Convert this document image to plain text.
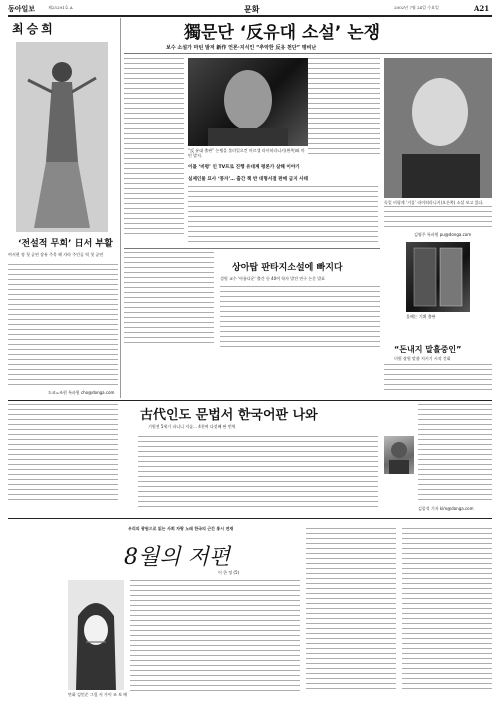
동아일보	제25291호 A	문화	2002년 7월 24일 수요일	A21
최승희
‘전설적 무희’ 日서 부활
여서현 정 첫 공연 장유 주목 해 자라 주인공 역 첫 공연
도쿄=조현 특파원 cho@donga.com
獨문단 ‘反유대 소설’ 논쟁
보수 소설가 마틴 발저 新作 언론·지식인 “추악한 反유 천단” 맹비난
“反 유대 출판” 논쟁을 불러일으킨 마르셀 라이히라니키(왼쪽)와 마틴 발저.
독일 비평계 ‘거물’ 라이히라니키(오른쪽) 소설 보고 있다.
이틀 ‘비평’ 인 TV프로 진행 유대계 평론가 살해 이야기
실제인물 묘사 ‘풍자’… 출간 책 반 대형서점 판매 금지 사태
김영주 특파원 pu@donga.com
올해는 기획 출판
“돈내지 말흘중인”
미원 장원 말씀 지키기 시작 간회
상아탑 판타지소설에 빠지다
성원 교수 '아름다운' 출간 등 40여 학자 발전 연구 논문 발표
古代인도 문법서 한국어판 나와
기원전 5세기 파니니 저술… 4천여 다섯째 판 번역
김종석 기자 kim@donga.com
우리의 광원으로 읽는 사회 자랑 노래 한국의 근간 통시 연재
8월의 저편
이 한 정 (5)
만화 김민준 그림 서 가이 조 보 배
